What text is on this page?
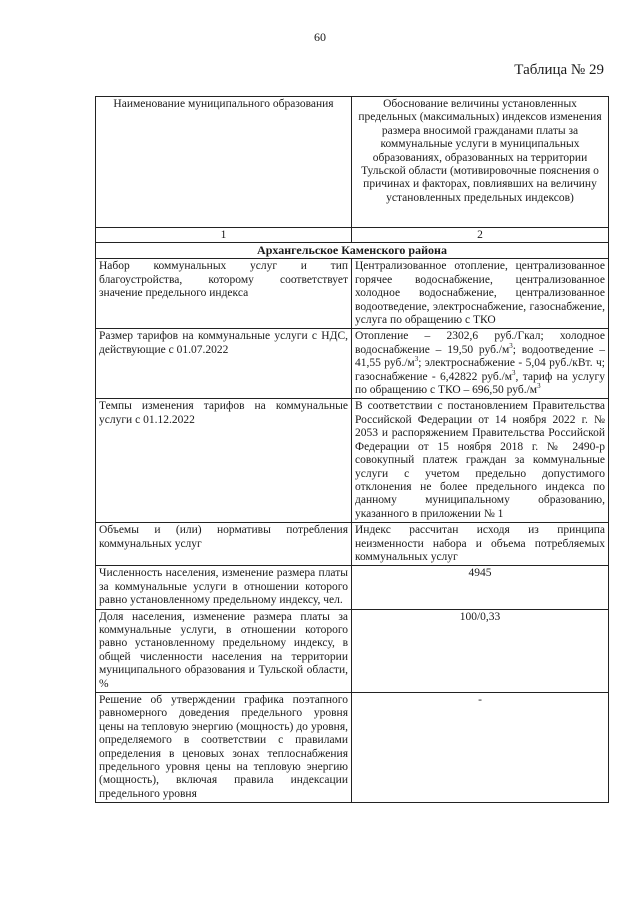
60
Таблица № 29
Наименование муниципального образования	Обоснование величины установленных предельных (максимальных) индексов изменения размера вносимой гражданами платы за коммунальные услуги в муниципальных образованиях, образованных на территории Тульской области (мотивировочные пояснения о причинах и факторах, повлиявших на величину установленных предельных индексов)
1	2
Архангельское Каменского района	
Набор коммунальных услуг и тип благоустройства, которому соответствует значение предельного индекса	Централизованное отопление, централизованное горячее водоснабжение, централизованное холодное водоснабжение, централизованное водоотведение, электроснабжение, газоснабжение, услуга по обращению с ТКО
Размер тарифов на коммунальные услуги с НДС, действующие с 01.07.2022	Отопление – 2302,6 руб./Гкал; холодное водоснабжение – 19,50 $руб./м^3$; водоотведение – 41,55 $руб./м^3$; электроснабжение - 5,04 руб./кВт. ч; газоснабжение - 6,42822 $руб./м^3$, тариф на услугу по обращению с ТКО – 696,50 $руб./м^3$
Темпы изменения тарифов на коммунальные услуги с 01.12.2022	В соответствии с постановлением Правительства Российской Федерации от 14 ноября 2022 г. № 2053 и распоряжением Правительства Российской Федерации от 15 ноября 2018 г. № 2490-р совокупный платеж граждан за коммунальные услуги с учетом предельно допустимого отклонения не более предельного индекса по данному муниципальному образованию, указанного в приложении № 1
Объемы и (или) нормативы потребления коммунальных услуг	Индекс рассчитан исходя из принципа неизменности набора и объема потребляемых коммунальных услуг
Численность населения, изменение размера платы за коммунальные услуги в отношении которого равно установленному предельному индексу, чел.	4945
Доля населения, изменение размера платы за коммунальные услуги, в отношении которого равно установленному предельному индексу, в общей численности населения на территории муниципального образования и Тульской области, %	100/0,33
Решение об утверждении графика поэтапного равномерного доведения предельного уровня цены на тепловую энергию (мощность) до уровня, определяемого в соответствии с правилами определения в ценовых зонах теплоснабжения предельного уровня цены на тепловую энергию (мощность), включая правила индексации предельного уровня	-
